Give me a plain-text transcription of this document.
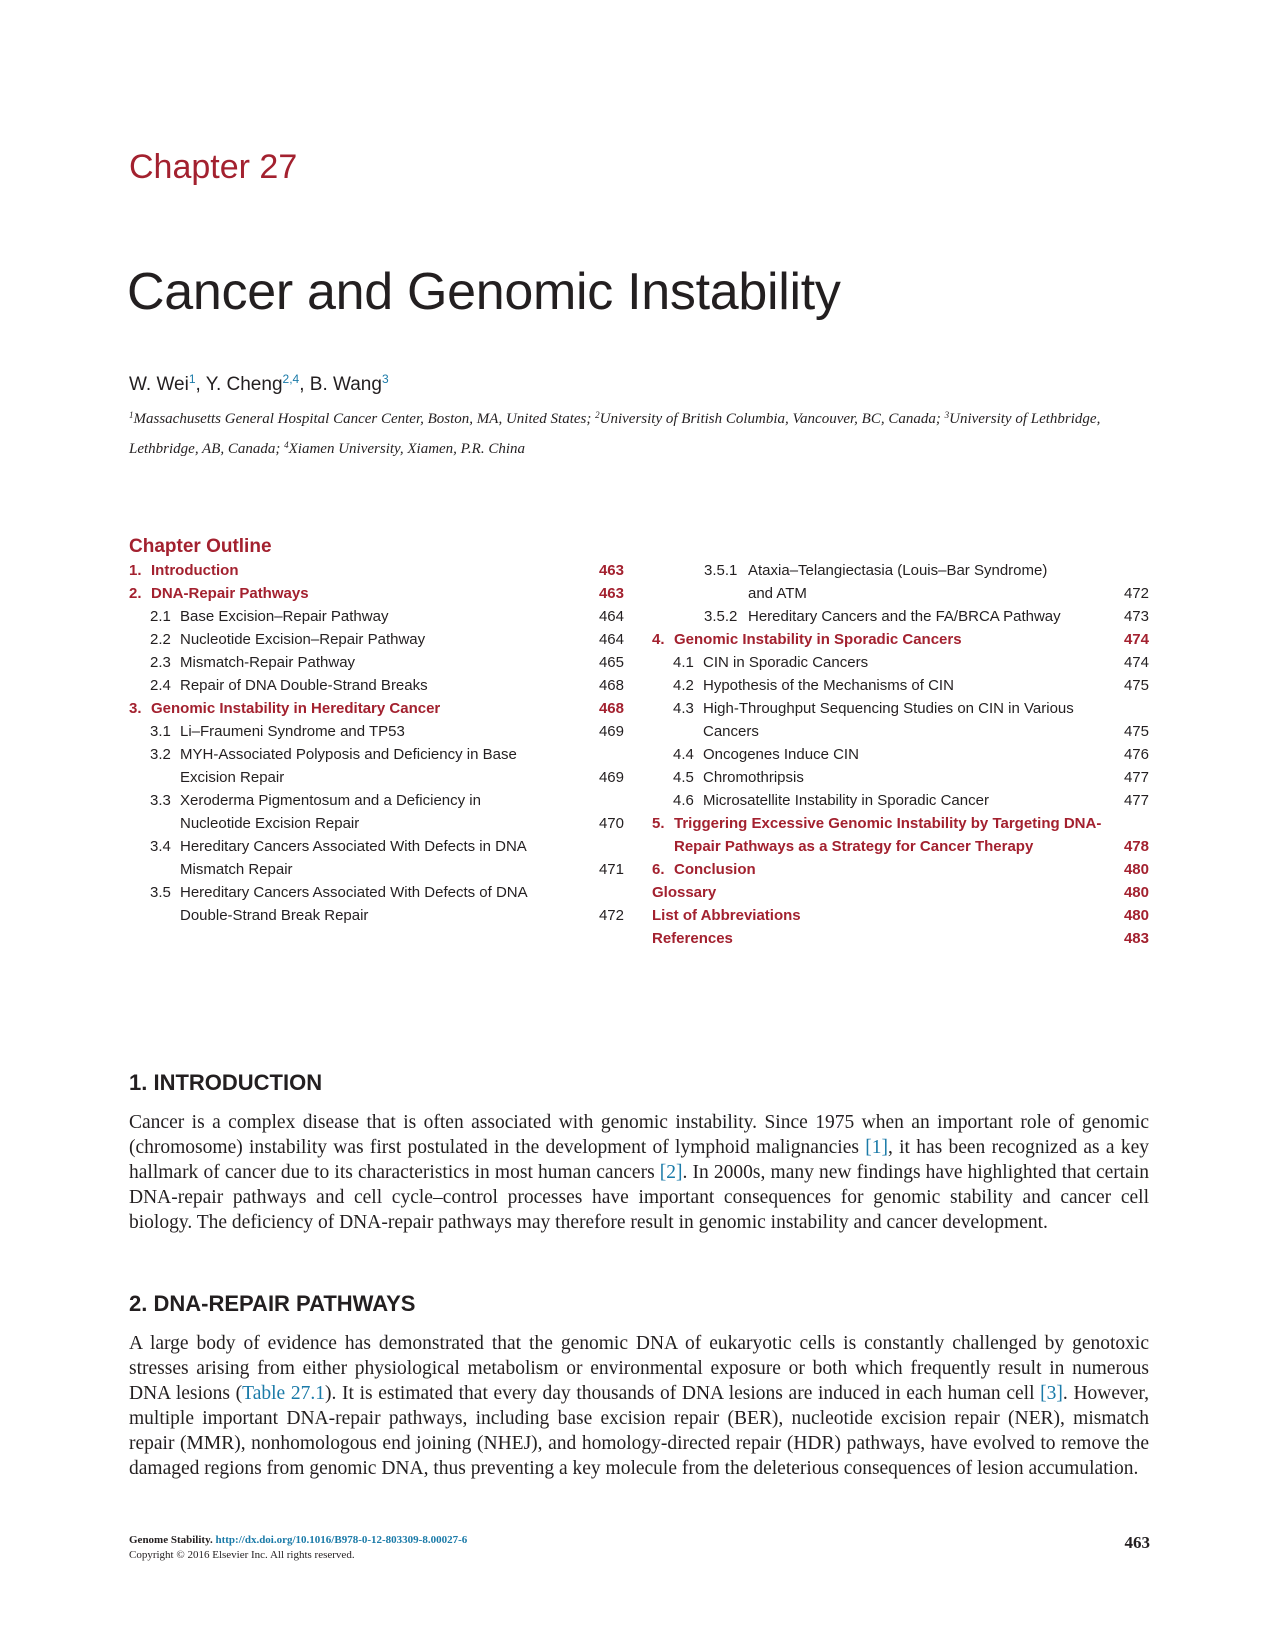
Chapter 27
Cancer and Genomic Instability
W. Wei$^1$, Y. Cheng$^{2,4}$, B. Wang$^3$
$^1$Massachusetts General Hospital Cancer Center, Boston, MA, United States; $^2$University of British Columbia, Vancouver, BC, Canada; $^3$University of Lethbridge, Lethbridge, AB, Canada; $^4$Xiamen University, Xiamen, P.R. China
Chapter Outline
1. Introduction	463
2. DNA-Repair Pathways	463
2.1 Base Excision–Repair Pathway	464
2.2 Nucleotide Excision–Repair Pathway	464
2.3 Mismatch-Repair Pathway	465
2.4 Repair of DNA Double-Strand Breaks	468
3. Genomic Instability in Hereditary Cancer	468
3.1 Li–Fraumeni Syndrome and TP53	469
3.2 MYH-Associated Polyposis and Deficiency in Base
Excision Repair	469
3.3 Xeroderma Pigmentosum and a Deficiency in
Nucleotide Excision Repair	470
3.4 Hereditary Cancers Associated With Defects in DNA
Mismatch Repair	471
3.5 Hereditary Cancers Associated With Defects of DNA
Double-Strand Break Repair	472
3.5.1 Ataxia–Telangiectasia (Louis–Bar Syndrome)
and ATM	472
3.5.2 Hereditary Cancers and the FA/BRCA Pathway	473
4. Genomic Instability in Sporadic Cancers	474
4.1 CIN in Sporadic Cancers	474
4.2 Hypothesis of the Mechanisms of CIN	475
4.3 High-Throughput Sequencing Studies on CIN in Various
Cancers	475
4.4 Oncogenes Induce CIN	476
4.5 Chromothripsis	477
4.6 Microsatellite Instability in Sporadic Cancer	477
5. Triggering Excessive Genomic Instability by Targeting DNA-
Repair Pathways as a Strategy for Cancer Therapy	478
6. Conclusion	480
Glossary	480
List of Abbreviations	480
References	483
1. INTRODUCTION
Cancer is a complex disease that is often associated with genomic instability. Since 1975 when an important role of genomic (chromosome) instability was first postulated in the development of lymphoid malignancies [1], it has been recognized as a key hallmark of cancer due to its characteristics in most human cancers [2]. In 2000s, many new findings have highlighted that certain DNA-repair pathways and cell cycle–control processes have important consequences for genomic stability and cancer cell biology. The deficiency of DNA-repair pathways may therefore result in genomic instability and cancer development.
2. DNA-REPAIR PATHWAYS
A large body of evidence has demonstrated that the genomic DNA of eukaryotic cells is constantly challenged by genotoxic stresses arising from either physiological metabolism or environmental exposure or both which frequently result in numerous DNA lesions (Table 27.1). It is estimated that every day thousands of DNA lesions are induced in each human cell [3]. However, multiple important DNA-repair pathways, including base excision repair (BER), nucleotide excision repair (NER), mismatch repair (MMR), nonhomologous end joining (NHEJ), and homology-directed repair (HDR) pathways, have evolved to remove the damaged regions from genomic DNA, thus preventing a key molecule from the deleterious consequences of lesion accumulation.
Genome Stability. http://dx.doi.org/10.1016/B978-0-12-803309-8.00027-6
Copyright © 2016 Elsevier Inc. All rights reserved.
463
